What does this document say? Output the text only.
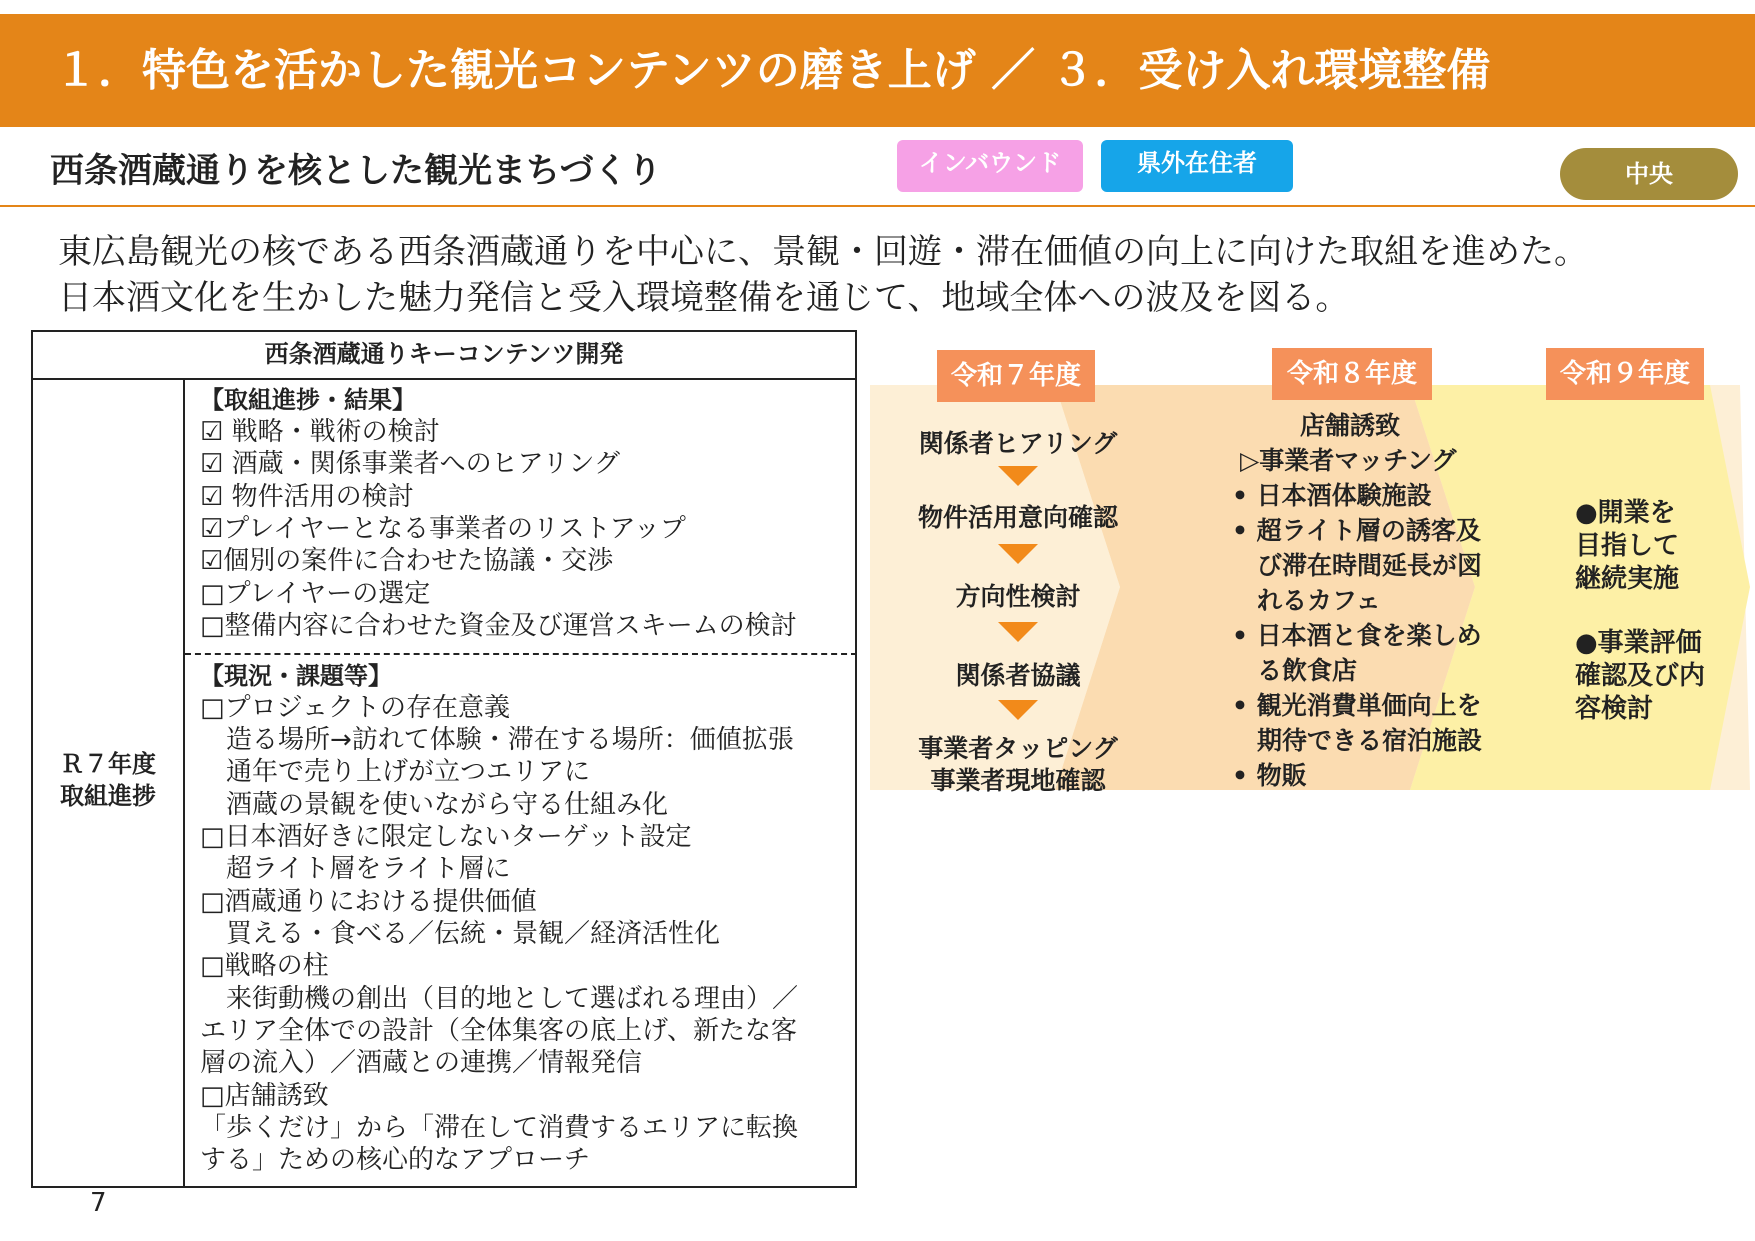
１．特色を活かした観光コンテンツの磨き上げ ／ ３．受け入れ環境整備
西条酒蔵通りを核とした観光まちづくり	インバウンド	県外在住者	中央
東広島観光の核である西条酒蔵通りを中心に、景観・回遊・滞在価値の向上に向けた取組を進めた。
日本酒文化を生かした魅力発信と受入環境整備を通じて、地域全体への波及を図る。
西条酒蔵通りキーコンテンツ開発
Ｒ７年度
取組進捗
【取組進捗・結果】
☑ 戦略・戦術の検討
☑ 酒蔵・関係事業者へのヒアリング
☑ 物件活用の検討
☑プレイヤーとなる事業者のリストアップ
☑個別の案件に合わせた協議・交渉
□プレイヤーの選定
□整備内容に合わせた資金及び運営スキームの検討
【現況・課題等】
□プロジェクトの存在意義
　造る場所→訪れて体験・滞在する場所：価値拡張
　通年で売り上げが立つエリアに
　酒蔵の景観を使いながら守る仕組み化
□日本酒好きに限定しないターゲット設定
　超ライト層をライト層に
□酒蔵通りにおける提供価値
　買える・食べる／伝統・景観／経済活性化
□戦略の柱
　来街動機の創出（目的地として選ばれる理由）／
エリア全体での設計（全体集客の底上げ、新たな客
層の流入）／酒蔵との連携／情報発信
□店舗誘致
「歩くだけ」から「滞在して消費するエリアに転換
する」ための核心的なアプローチ
7
令和７年度	令和８年度	令和９年度
関係者ヒアリング
物件活用意向確認
方向性検討
関係者協議
事業者タッピング
事業者現地確認
店舗誘致
▷事業者マッチング
• 日本酒体験施設
• 超ライト層の誘客及
　び滞在時間延長が図
　れるカフェ
• 日本酒と食を楽しめ
　る飲食店
• 観光消費単価向上を
　期待できる宿泊施設
• 物販
●開業を
目指して
継続実施
●事業評価
確認及び内
容検討
